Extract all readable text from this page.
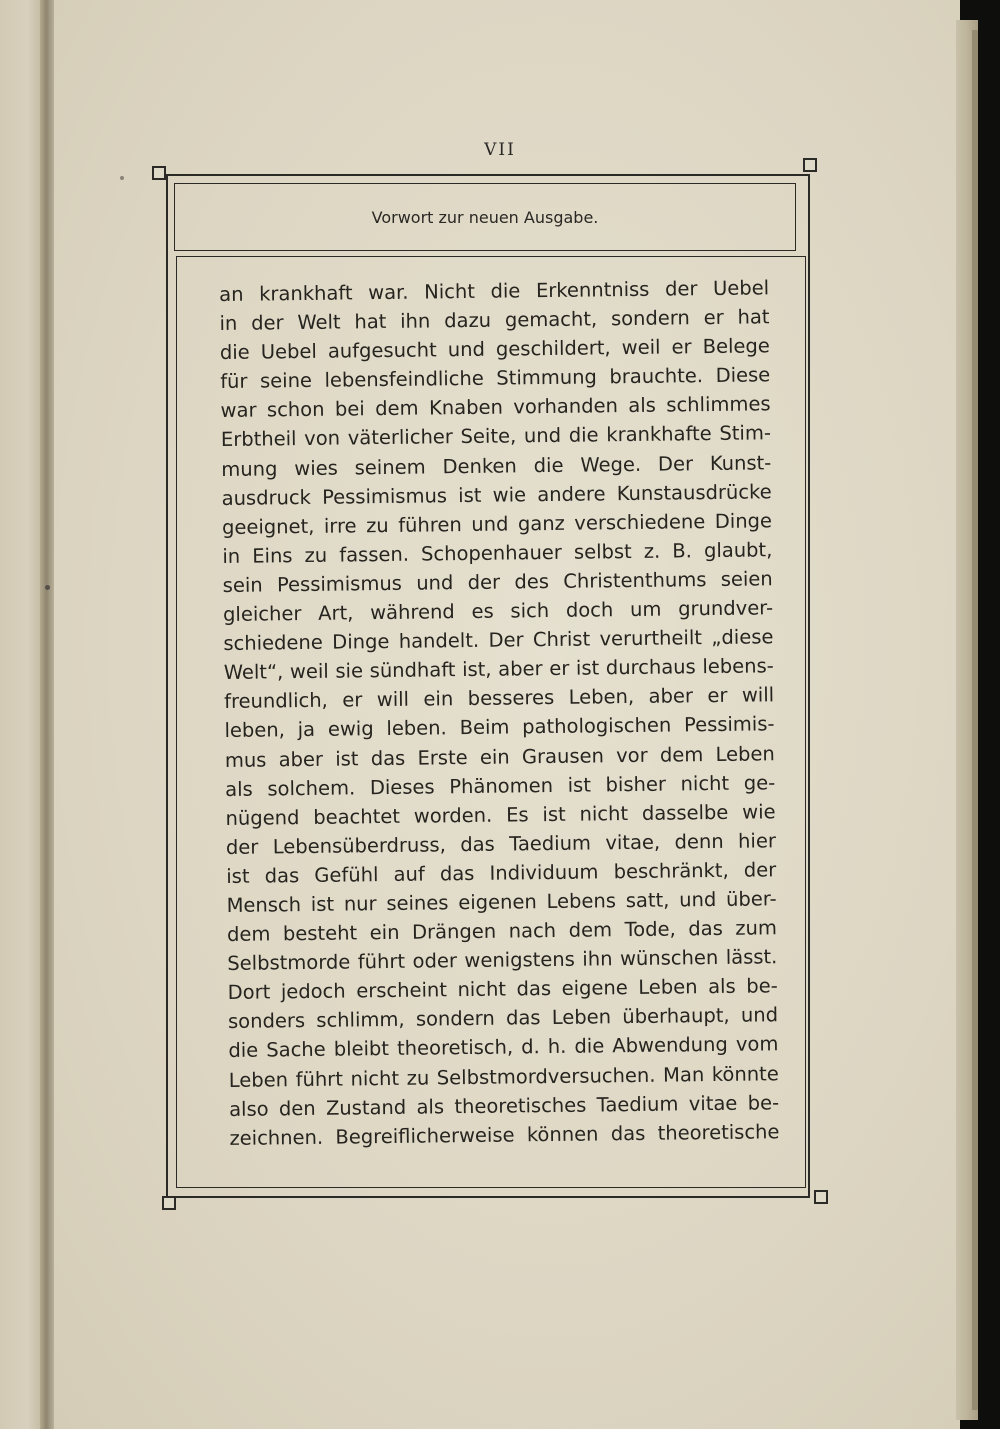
VII
Vorwort zur neuen Ausgabe.
an krankhaft war. Nicht die Erkenntniss der Uebel
in der Welt hat ihn dazu gemacht, sondern er hat
die Uebel aufgesucht und geschildert, weil er Belege
für seine lebensfeindliche Stimmung brauchte. Diese
war schon bei dem Knaben vorhanden als schlimmes
Erbtheil von väterlicher Seite, und die krankhafte Stim-
mung wies seinem Denken die Wege. Der Kunst-
ausdruck Pessimismus ist wie andere Kunstausdrücke
geeignet, irre zu führen und ganz verschiedene Dinge
in Eins zu fassen. Schopenhauer selbst z. B. glaubt,
sein Pessimismus und der des Christenthums seien
gleicher Art, während es sich doch um grundver-
schiedene Dinge handelt. Der Christ verurtheilt „diese
Welt“, weil sie sündhaft ist, aber er ist durchaus lebens-
freundlich, er will ein besseres Leben, aber er will
leben, ja ewig leben. Beim pathologischen Pessimis-
mus aber ist das Erste ein Grausen vor dem Leben
als solchem. Dieses Phänomen ist bisher nicht ge-
nügend beachtet worden. Es ist nicht dasselbe wie
der Lebensüberdruss, das Taedium vitae, denn hier
ist das Gefühl auf das Individuum beschränkt, der
Mensch ist nur seines eigenen Lebens satt, und über-
dem besteht ein Drängen nach dem Tode, das zum
Selbstmorde führt oder wenigstens ihn wünschen lässt.
Dort jedoch erscheint nicht das eigene Leben als be-
sonders schlimm, sondern das Leben überhaupt, und
die Sache bleibt theoretisch, d. h. die Abwendung vom
Leben führt nicht zu Selbstmordversuchen. Man könnte
also den Zustand als theoretisches Taedium vitae be-
zeichnen. Begreiflicherweise können das theoretische
